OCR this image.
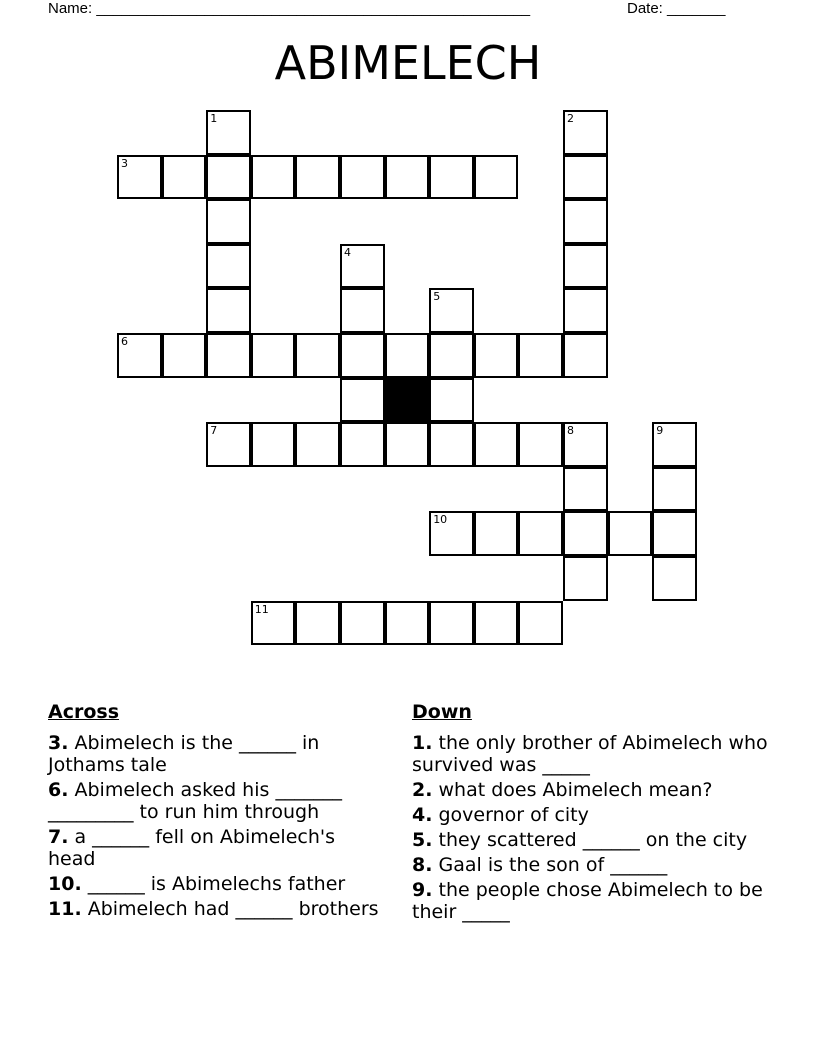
Name: ____________________________________________________	Date: _______
ABIMELECH
1	2
3
4
5
6
7	8	9
10
11
Across
3. Abimelech is the ______ in Jothams tale
6. Abimelech asked his _______ _________ to run him through
7. a ______ fell on Abimelech's head
10. ______ is Abimelechs father
11. Abimelech had ______ brothers
Down
1. the only brother of Abimelech who survived was _____
2. what does Abimelech mean?
4. governor of city
5. they scattered ______ on the city
8. Gaal is the son of ______
9. the people chose Abimelech to be their _____
